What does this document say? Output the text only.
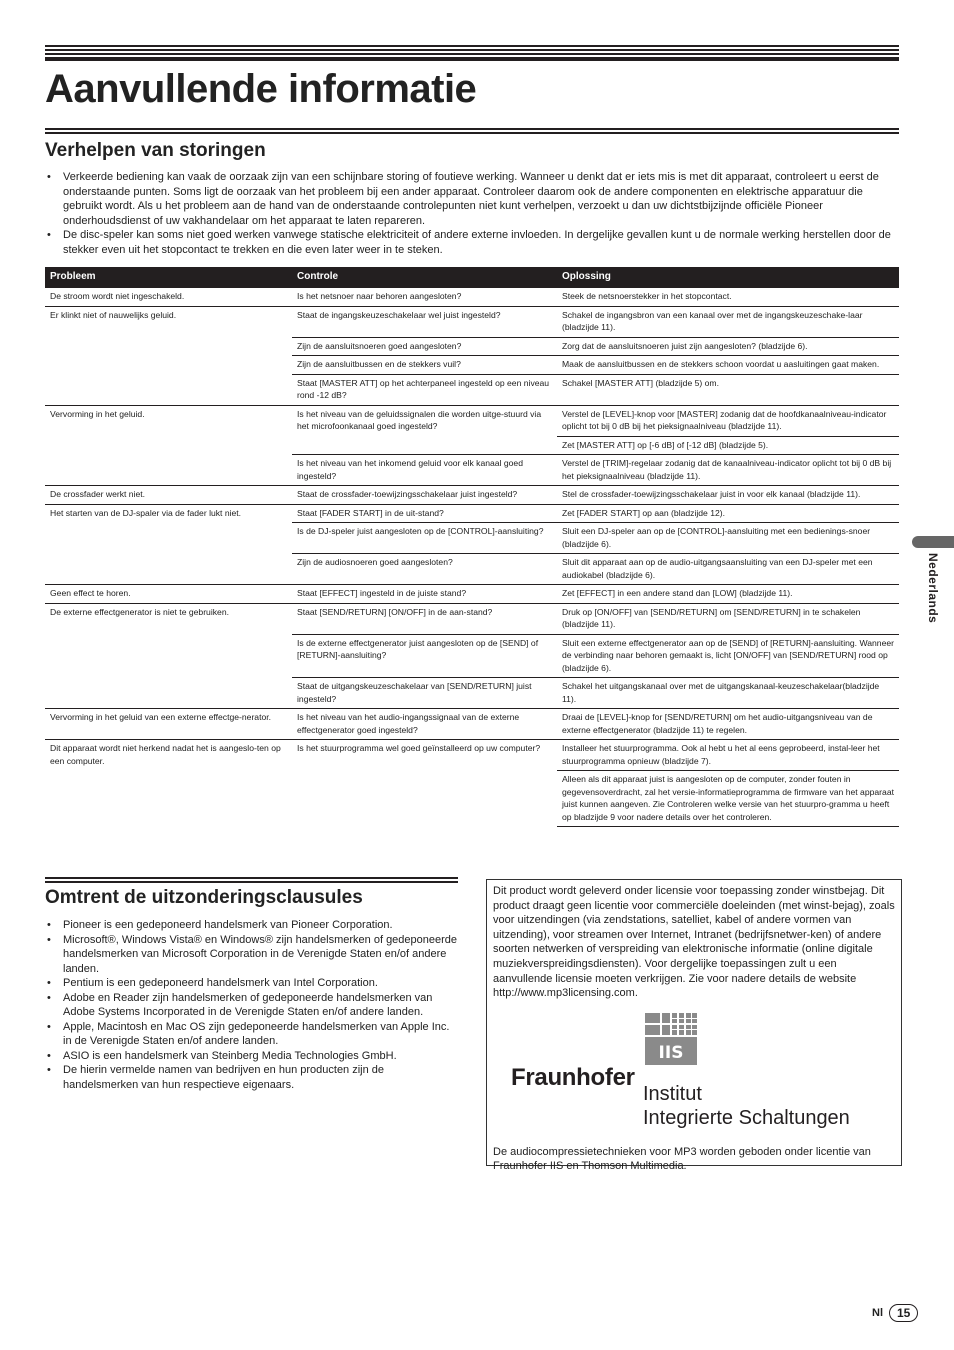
Aanvullende informatie
Verhelpen van storingen
• Verkeerde bediening kan vaak de oorzaak zijn van een schijnbare storing of foutieve werking. Wanneer u denkt dat er iets mis is met dit apparaat, controleert u eerst de onderstaande punten. Soms ligt de oorzaak van het probleem bij een ander apparaat. Controleer daarom ook de andere componenten en elektrische apparatuur die gebruikt wordt. Als u het probleem aan de hand van de onderstaande controlepunten niet kunt verhelpen, verzoekt u dan uw dichtstbijzijnde officiële Pioneer onderhoudsdienst of uw vakhandelaar om het apparaat te laten repareren.
• De disc-speler kan soms niet goed werken vanwege statische elektriciteit of andere externe invloeden. In dergelijke gevallen kunt u de normale werking herstellen door de stekker even uit het stopcontact te trekken en die even later weer in te steken.
Probleem	Controle	Oplossing
De stroom wordt niet ingeschakeld.	Is het netsnoer naar behoren aangesloten?	Steek de netsnoerstekker in het stopcontact.
Er klinkt niet of nauwelijks geluid.	Staat de ingangskeuzeschakelaar wel juist ingesteld?	Schakel de ingangsbron van een kanaal over met de ingangskeuzeschake-laar (bladzijde 11).
	Zijn de aansluitsnoeren goed aangesloten?	Zorg dat de aansluitsnoeren juist zijn aangesloten? (bladzijde 6).
	Zijn de aansluitbussen en de stekkers vuil?	Maak de aansluitbussen en de stekkers schoon voordat u aasluitingen gaat maken.
	Staat [MASTER ATT] op het achterpaneel ingesteld op een niveau rond -12 dB?	Schakel [MASTER ATT] (bladzijde 5) om.
Vervorming in het geluid.	Is het niveau van de geluidssignalen die worden uitge-stuurd via het microfoonkanaal goed ingesteld?	Verstel de [LEVEL]-knop voor [MASTER] zodanig dat de hoofdkanaalniveau-indicator oplicht tot bij 0 dB bij het pieksignaalniveau (bladzijde 11).
		Zet [MASTER ATT] op [-6 dB] of [-12 dB] (bladzijde 5).
	Is het niveau van het inkomend geluid voor elk kanaal goed ingesteld?	Verstel de [TRIM]-regelaar zodanig dat de kanaalniveau-indicator oplicht tot bij 0 dB bij het pieksignaalniveau (bladzijde 11).
De crossfader werkt niet.	Staat de crossfader-toewijzingsschakelaar juist ingesteld?	Stel de crossfader-toewijzingsschakelaar juist in voor elk kanaal (bladzijde 11).
Het starten van de DJ-spaler via de fader lukt niet.	Staat [FADER START] in de uit-stand?	Zet [FADER START] op aan (bladzijde 12).
	Is de DJ-speler juist aangesloten op de [CONTROL]-aansluiting?	Sluit een DJ-speler aan op de [CONTROL]-aansluiting met een bedienings-snoer (bladzijde 6).
	Zijn de audiosnoeren goed aangesloten?	Sluit dit apparaat aan op de audio-uitgangsaansluiting van een DJ-speler met een audiokabel (bladzijde 6).
Geen effect te horen.	Staat [EFFECT] ingesteld in de juiste stand?	Zet [EFFECT] in een andere stand dan [LOW] (bladzijde 11).
De externe effectgenerator is niet te gebruiken.	Staat [SEND/RETURN] [ON/OFF] in de aan-stand?	Druk op [ON/OFF] van [SEND/RETURN] om [SEND/RETURN] in te schakelen (bladzijde 11).
	Is de externe effectgenerator juist aangesloten op de [SEND] of [RETURN]-aansluiting?	Sluit een externe effectgenerator aan op de [SEND] of [RETURN]-aansluiting. Wanneer de verbinding naar behoren gemaakt is, licht [ON/OFF] van [SEND/RETURN] rood op (bladzijde 6).
	Staat de uitgangskeuzeschakelaar van [SEND/RETURN] juist ingesteld?	Schakel het uitgangskanaal over met de uitgangskanaal-keuzeschakelaar(bladzijde 11).
Vervorming in het geluid van een externe effectge-nerator.	Is het niveau van het audio-ingangssignaal van de externe effectgenerator goed ingesteld?	Draai de [LEVEL]-knop for [SEND/RETURN] om het audio-uitgangsniveau van de externe effectgenerator (bladzijde 11) te regelen.
Dit apparaat wordt niet herkend nadat het is aangeslo-ten op een computer.	Is het stuurprogramma wel goed geïnstalleerd op uw computer?	Installeer het stuurprogramma. Ook al hebt u het al eens geprobeerd, instal-leer het stuurprogramma opnieuw (bladzijde 7).
		Alleen als dit apparaat juist is aangesloten op de computer, zonder fouten in gegevensoverdracht, zal het versie-informatieprogramma de firmware van het apparaat juist kunnen aangeven. Zie Controleren welke versie van het stuurpro-gramma u heeft op bladzijde 9 voor nadere details over het controleren.
Omtrent de uitzonderingsclausules
• Pioneer is een gedeponeerd handelsmerk van Pioneer Corporation.
• Microsoft®, Windows Vista® en Windows® zijn handelsmerken of gedeponeerde handelsmerken van Microsoft Corporation in de Verenigde Staten en/of andere landen.
• Pentium is een gedeponeerd handelsmerk van Intel Corporation.
• Adobe en Reader zijn handelsmerken of gedeponeerde handelsmerken van Adobe Systems Incorporated in de Verenigde Staten en/of andere landen.
• Apple, Macintosh en Mac OS zijn gedeponeerde handelsmerken van Apple Inc. in de Verenigde Staten en/of andere landen.
• ASIO is een handelsmerk van Steinberg Media Technologies GmbH.
• De hierin vermelde namen van bedrijven en hun producten zijn de handelsmerken van hun respectieve eigenaars.
Dit product wordt geleverd onder licensie voor toepassing zonder winstbejag. Dit product draagt geen licentie voor commerciële doeleinden (met winst-bejag), zoals voor uitzendingen (via zendstations, satelliet, kabel of andere vormen van uitzending), voor streamen over Internet, Intranet (bedrijfsnetwer-ken) of andere soorten netwerken of verspreiding van elektronische informatie (online digitale muziekverspreidingsdiensten). Voor dergelijke toepassingen zult u een aanvullende licensie moeten verkrijgen. Zie voor nadere details de website http://www.mp3licensing.com.
IIS
Fraunhofer
Institut
Integrierte Schaltungen
De audiocompressietechnieken voor MP3 worden geboden onder licentie van Fraunhofer IIS en Thomson Multimedia.
Nederlands
Nl	15
